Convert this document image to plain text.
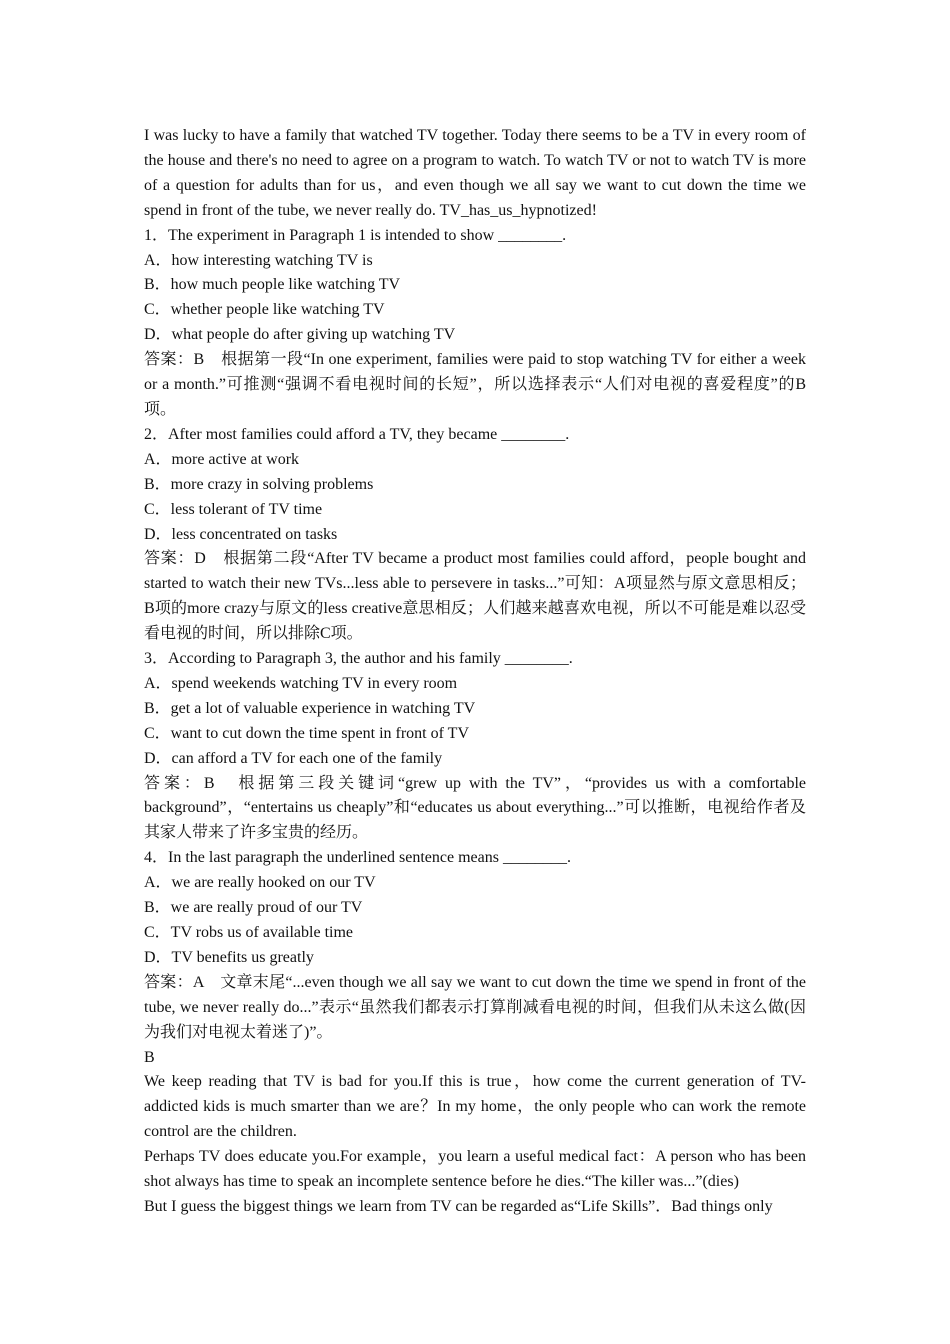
I was lucky to have a family that watched TV together. Today there seems to be a TV in every room of the house and there's no need to agree on a program to watch. To watch TV or not to watch TV is more of a question for adults than for us，and even though we all say we want to cut down the time we spend in front of the tube, we never really do. TV_has_us_hypnotized!

1．The experiment in Paragraph 1 is intended to show ________.

A．how interesting watching TV is

B．how much people like watching TV

C．whether people like watching TV

D．what people do after giving up watching TV

答案：B　根据第一段“In one experiment, families were paid to stop watching TV for either a week or a month.”可推测“强调不看电视时间的长短”，所以选择表示“人们对电视的喜爱程度”的B项。

2．After most families could afford a TV, they became ________.

A．more active at work

B．more crazy in solving problems

C．less tolerant of TV time

D．less concentrated on tasks

答案：D　根据第二段“After TV became a product most families could afford，people bought and started to watch their new TVs...less able to persevere in tasks...”可知：A项显然与原文意思相反；B项的more crazy与原文的less creative意思相反；人们越来越喜欢电视，所以不可能是难以忍受看电视的时间，所以排除C项。

3．According to Paragraph 3, the author and his family ________.

A．spend weekends watching TV in every room

B．get a lot of valuable experience in watching TV

C．want to cut down the time spent in front of TV

D．can afford a TV for each one of the family

答案：B　根据第三段关键词“grew up with the TV”，“provides us with a comfortable background”，“entertains us cheaply”和“educates us about everything...”可以推断，电视给作者及其家人带来了许多宝贵的经历。

4．In the last paragraph the underlined sentence means ________.

A．we are really hooked on our TV

B．we are really proud of our TV

C．TV robs us of available time

D．TV benefits us greatly

答案：A　文章末尾“...even though we all say we want to cut down the time we spend in front of the tube, we never really do...”表示“虽然我们都表示打算削减看电视的时间，但我们从未这么做(因为我们对电视太着迷了)”。

B

We keep reading that TV is bad for you.If this is true，how come the current generation of TV-addicted kids is much smarter than we are？In my home，the only people who can work the remote control are the children.

Perhaps TV does educate you.For example，you learn a useful medical fact：A person who has been shot always has time to speak an incomplete sentence before he dies.“The killer was...”(dies)

But I guess the biggest things we learn from TV can be regarded as“Life Skills”．Bad things only
